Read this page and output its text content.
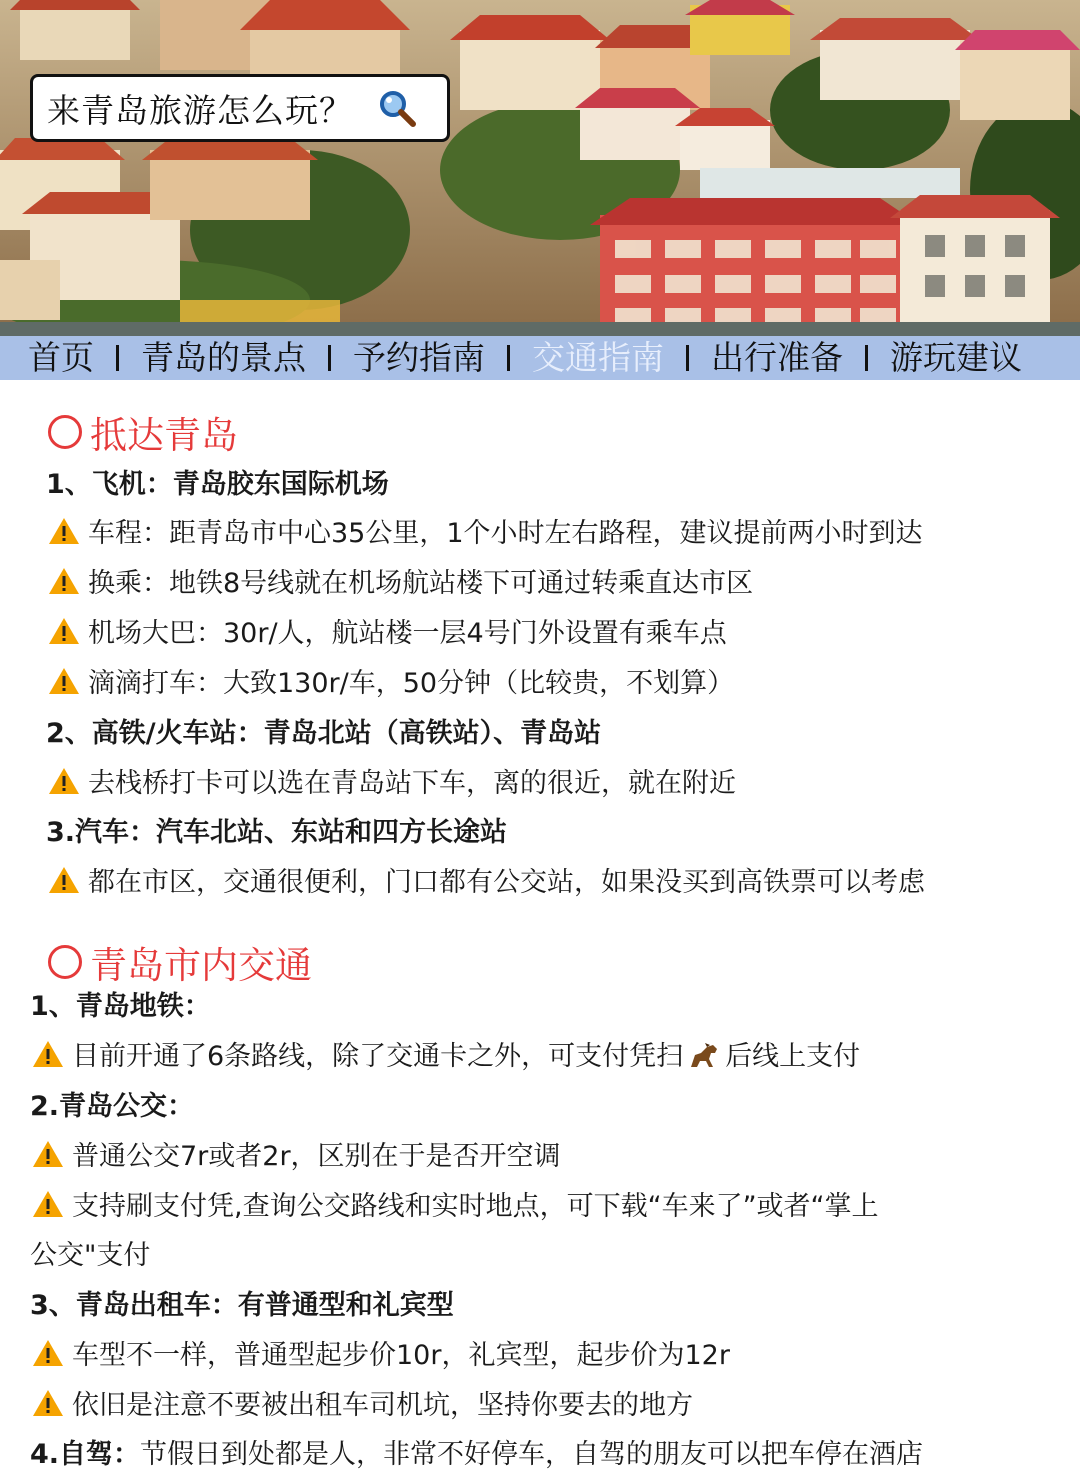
来青岛旅游怎么玩？
首页 青岛的景点 予约指南 交通指南 出行准备 游玩建议
抵达青岛
1、飞机：青岛胶东国际机场
车程：距青岛市中心35公里，1个小时左右路程，建议提前两小时到达
换乘：地铁8号线就在机场航站楼下可通过转乘直达市区
机场大巴：30r/人，航站楼一层4号门外设置有乘车点
滴滴打车：大致130r/车，50分钟（比较贵，不划算）
2、高铁/火车站：青岛北站（高铁站）、青岛站
去栈桥打卡可以选在青岛站下车，离的很近，就在附近
3.汽车：汽车北站、东站和四方长途站
都在市区，交通很便利，门口都有公交站，如果没买到高铁票可以考虑
青岛市内交通
1、青岛地铁：
目前开通了6条路线，除了交通卡之外，可支付凭扫 后线上支付
2.青岛公交：
普通公交7r或者2r，区别在于是否开空调
支持刷支付凭,查询公交路线和实时地点，可下载“车来了”或者“掌上
公交"支付
3、青岛出租车：有普通型和礼宾型
车型不一样，普通型起步价10r，礼宾型，起步价为12r
依旧是注意不要被出租车司机坑，坚持你要去的地方
4.自驾：节假日到处都是人，非常不好停车，自驾的朋友可以把车停在酒店
